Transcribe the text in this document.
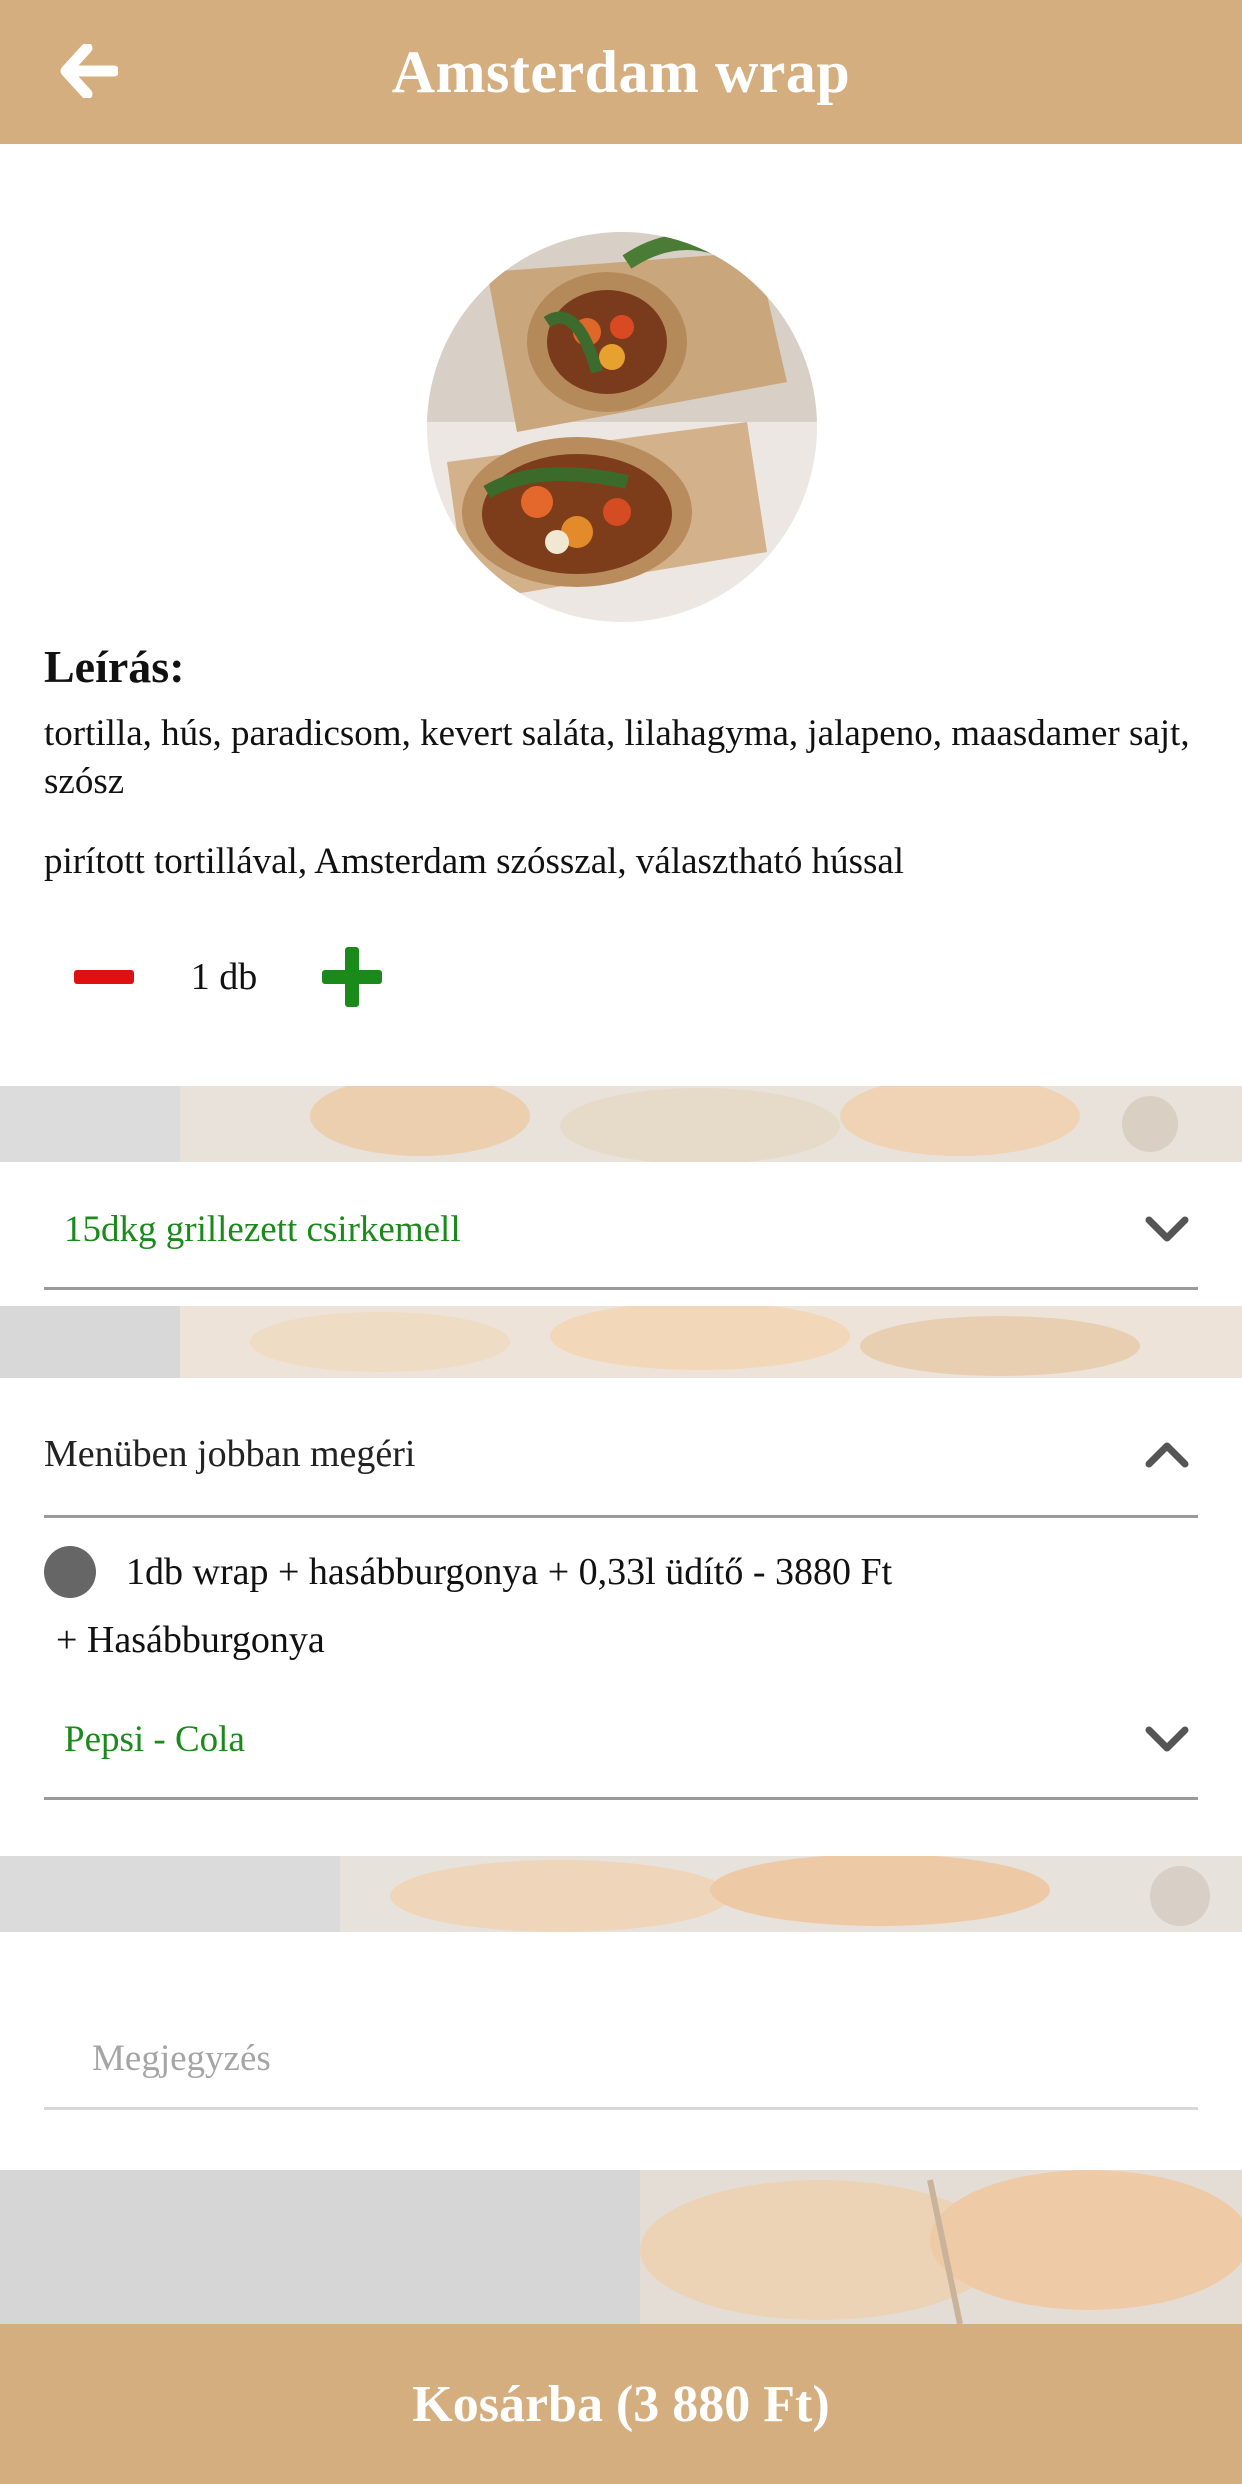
Amsterdam wrap
Leírás:
tortilla, hús, paradicsom, kevert saláta, lilahagyma, jalapeno, maasdamer sajt, szósz
pirított tortillával, Amsterdam szósszal, választható hússal
1 db
15dkg grillezett csirkemell
Menüben jobban megéri
1db wrap + hasábburgonya + 0,33l üdítő - 3880 Ft
+ Hasábburgonya
Pepsi - Cola
Megjegyzés
Kosárba (3 880 Ft)
